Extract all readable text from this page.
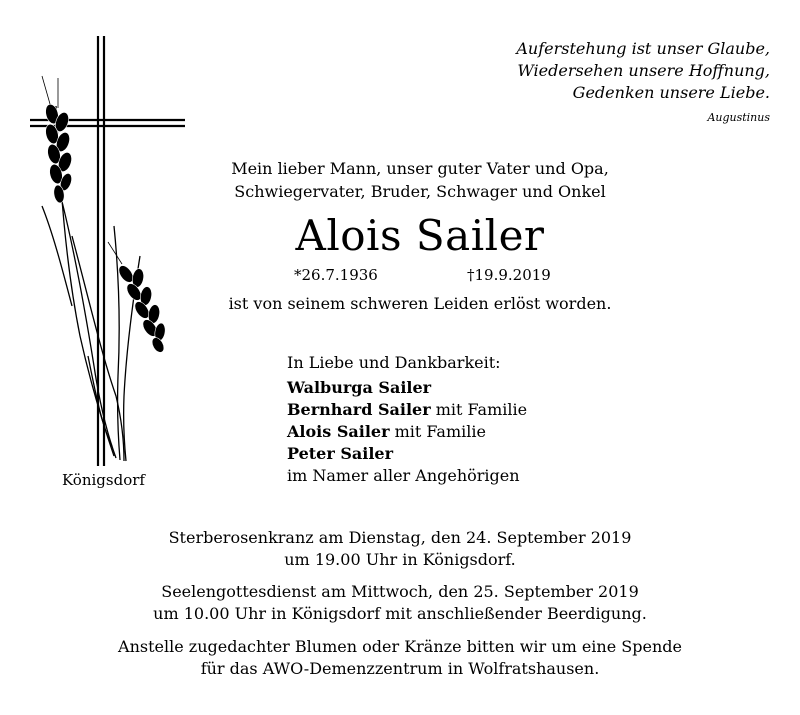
Auferstehung ist unser Glaube,
Wiedersehen unsere Hoffnung,
Gedenken unsere Liebe.
Augustinus
Mein lieber Mann, unser guter Vater und Opa,
Schwiegervater, Bruder, Schwager und Onkel
Alois Sailer
*26.7.1936	†19.9.2019
ist von seinem schweren Leiden erlöst worden.
In Liebe und Dankbarkeit:
Walburga Sailer
Bernhard Sailer mit Familie
Alois Sailer mit Familie
Peter Sailer
im Namer aller Angehörigen
Königsdorf
Sterberosenkranz am Dienstag, den 24. September 2019
um 19.00 Uhr in Königsdorf.
Seelengottesdienst am Mittwoch, den 25. September 2019
um 10.00 Uhr in Königsdorf mit anschließender Beerdigung.
Anstelle zugedachter Blumen oder Kränze bitten wir um eine Spende
für das AWO-Demenzzentrum in Wolfratshausen.
